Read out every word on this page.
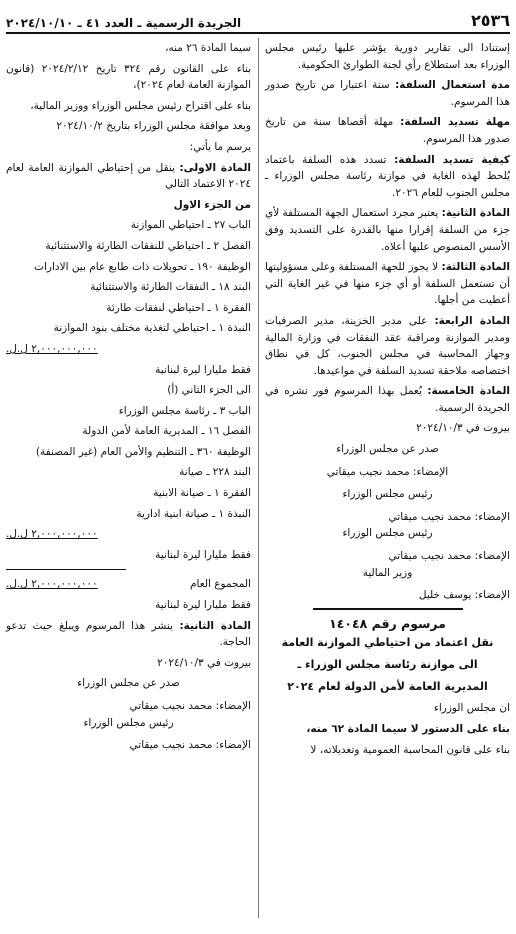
٢٥٣٦
الجريدة الرسمية ـ العدد ٤١ ـ ٢٠٢٤/١٠/١٠

إستنادا الى تقارير دورية يؤشر عليها رئيس مجلس الوزراء بعد استطلاع رأي لجنة الطوارئ الحكومية.

مدة استعمال السلفة: سنة اعتبارا من تاريخ صدور هذا المرسوم.

مهلة تسديد السلفة: مهلة أقصاها سنة من تاريخ صدور هذا المرسوم.

كيفية تسديد السلفة: تسدد هذه السلفة باعتماد يُلحظ لهذه الغاية في موازنة رئاسة مجلس الوزراء ـ مجلس الجنوب للعام ٢٠٢٦.

المادة الثانية: يعتبر مجرد استعمال الجهة المستلفة لأي جزء من السلفة إقرارا منها بالقدرة على التسديد وفق الأسس المنصوص عليها أعلاه.

المادة الثالثة: لا يجوز للجهة المستلفة وعلى مسؤوليتها أن تستعمل السلفة أو أي جزء منها في غير الغاية التي أعطيت من أجلها.

المادة الرابعة: على مدير الخزينة، مدير الصرفيات ومدير الموازنة ومراقبة عقد النفقات في وزارة المالية وجهاز المحاسبة في مجلس الجنوب، كل في نطاق اختصاصه ملاحقة تسديد السلفة في مواعيدها.

المادة الخامسة: يُعمل بهذا المرسوم فور نشره في الجريدة الرسمية.

بيروت في ٢٠٢٤/١٠/٣

صدر عن مجلس الوزراء

الإمضاء: محمد نجيب ميقاتي

رئيس مجلس الوزراء

الإمضاء: محمد نجيب ميقاتي

رئيس مجلس الوزراء

الإمضاء: محمد نجيب ميقاتي

وزير المالية

الإمضاء: يوسف خليل

مرسوم رقم ١٤٠٤٨

نقل اعتماد من احتياطي الموازنة العامة

الى موازنة رئاسة مجلس الوزراء ـ

المديرية العامة لأمن الدولة لعام ٢٠٢٤

ان مجلس الوزراء

بناء على الدستور لا سيما المادة ٦٢ منه،

بناء على قانون المحاسبة العمومية وتعديلاته، لا

سيما المادة ٢٦ منه،

بناء على القانون رقم ٣٢٤ تاريخ ٢٠٢٤/٢/١٢ (قانون الموازنة العامة لعام ٢٠٢٤)،

بناء على اقتراح رئيس مجلس الوزراء ووزير المالية،

وبعد موافقة مجلس الوزراء بتاريخ ٢٠٢٤/١٠/٢

يرسم ما يأتي:

المادة الاولى: ينقل من إحتياطي الموازنة العامة لعام ٢٠٢٤ الاعتماد التالي

من الجزء الاول

الباب ٢٧ ـ احتياطي الموازنة

الفصل ٢ ـ احتياطي للنفقات الطارئة والاستثنائية

الوظيفة ١٩٠ ـ تحويلات ذات طابع عام بين الادارات

البند ١٨ ـ النفقات الطارئة والاستثنائية

الفقرة ١ ـ احتياطي لنفقات طارئة

النبذة ١ ـ احتياطي لتغذية مختلف بنود الموازنة

٢,٠٠٠,٠٠٠,٠٠٠ ل.ل.

فقط مليارا ليرة لبنانية

الى الجزء الثاني (أ)

الباب ٣ ـ رئاسة مجلس الوزراء

الفصل ١٦ ـ المديرية العامة لأمن الدولة

الوظيفة ٣٦٠ ـ التنظيم والأمن العام (غير المصنفة)

البند ٢٢٨ ـ صيانة

الفقرة ١ ـ صيانة الابنية

النبذة ١ ـ صيانة ابنية ادارية

٢,٠٠٠,٠٠٠,٠٠٠ ل.ل.

فقط مليارا ليرة لبنانية

المجموع العام
٢,٠٠٠,٠٠٠,٠٠٠ ل.ل.

فقط مليارا ليرة لبنانية

المادة الثانية: ينشر هذا المرسوم ويبلغ حيث تدعو الحاجة.

بيروت في ٢٠٢٤/١٠/٣

صدر عن مجلس الوزراء

الإمضاء: محمد نجيب ميقاتي

رئيس مجلس الوزراء

الإمضاء: محمد نجيب ميقاتي
